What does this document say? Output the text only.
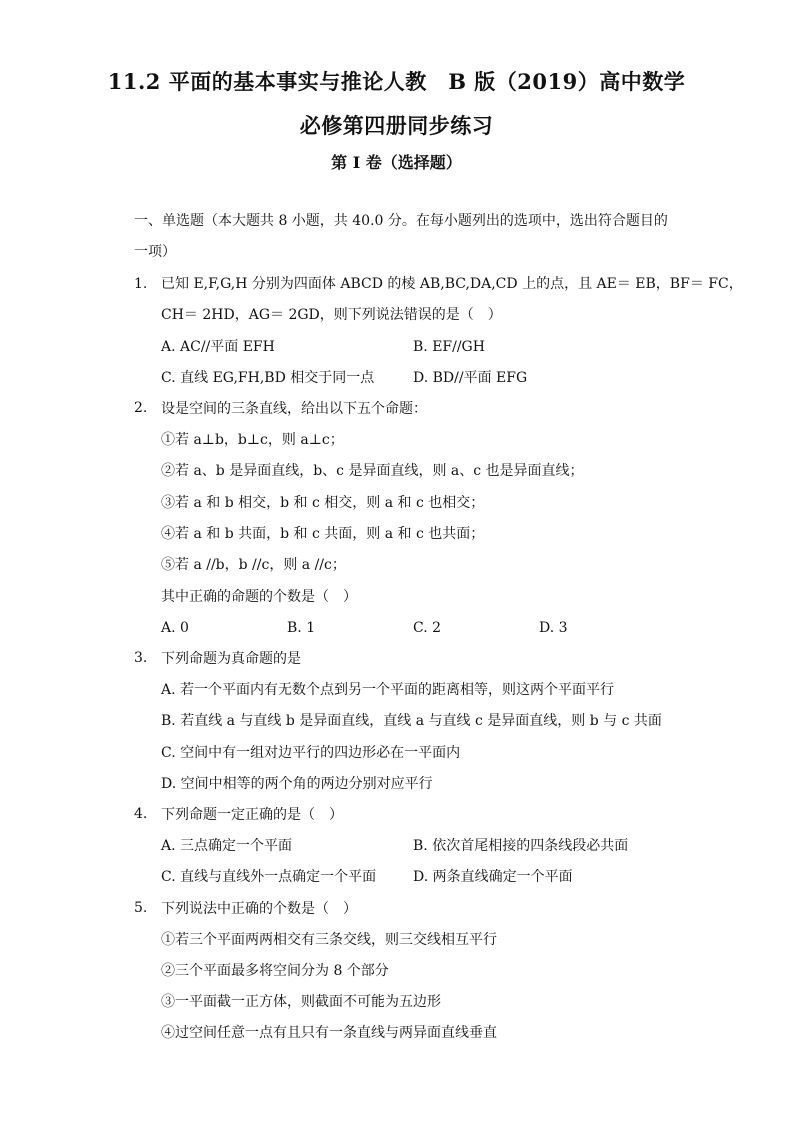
11.2 平面的基本事实与推论人教　B 版（2019）高中数学
必修第四册同步练习
第 I 卷（选择题）
一、单选题（本大题共 8 小题，共 40.0 分。在每小题列出的选项中，选出符合题目的
一项）
1. 已知 E,F,G,H 分别为四面体 ABCD 的棱 AB,BC,DA,CD 上的点，且 AE＝ EB，BF＝ FC，
CH＝ 2HD，AG＝ 2GD，则下列说法错误的是（　）
A. AC//平面 EFH	B. EF//GH
C. 直线 EG,FH,BD 相交于同一点	D. BD//平面 EFG
2. 设是空间的三条直线，给出以下五个命题：
①若 a⊥b，b⊥c，则 a⊥c；
②若 a、b 是异面直线，b、c 是异面直线，则 a、c 也是异面直线；
③若 a 和 b 相交，b 和 c 相交，则 a 和 c 也相交；
④若 a 和 b 共面，b 和 c 共面，则 a 和 c 也共面；
⑤若 a //b，b //c，则 a //c；
其中正确的命题的个数是（　）
A. 0	B. 1	C. 2	D. 3
3. 下列命题为真命题的是
A. 若一个平面内有无数个点到另一个平面的距离相等，则这两个平面平行
B. 若直线 a 与直线 b 是异面直线，直线 a 与直线 c 是异面直线，则 b 与 c 共面
C. 空间中有一组对边平行的四边形必在一平面内
D. 空间中相等的两个角的两边分别对应平行
4. 下列命题一定正确的是（　）
A. 三点确定一个平面	B. 依次首尾相接的四条线段必共面
C. 直线与直线外一点确定一个平面	D. 两条直线确定一个平面
5. 下列说法中正确的个数是（　）
①若三个平面两两相交有三条交线，则三交线相互平行
②三个平面最多将空间分为 8 个部分
③一平面截一正方体，则截面不可能为五边形
④过空间任意一点有且只有一条直线与两异面直线垂直
